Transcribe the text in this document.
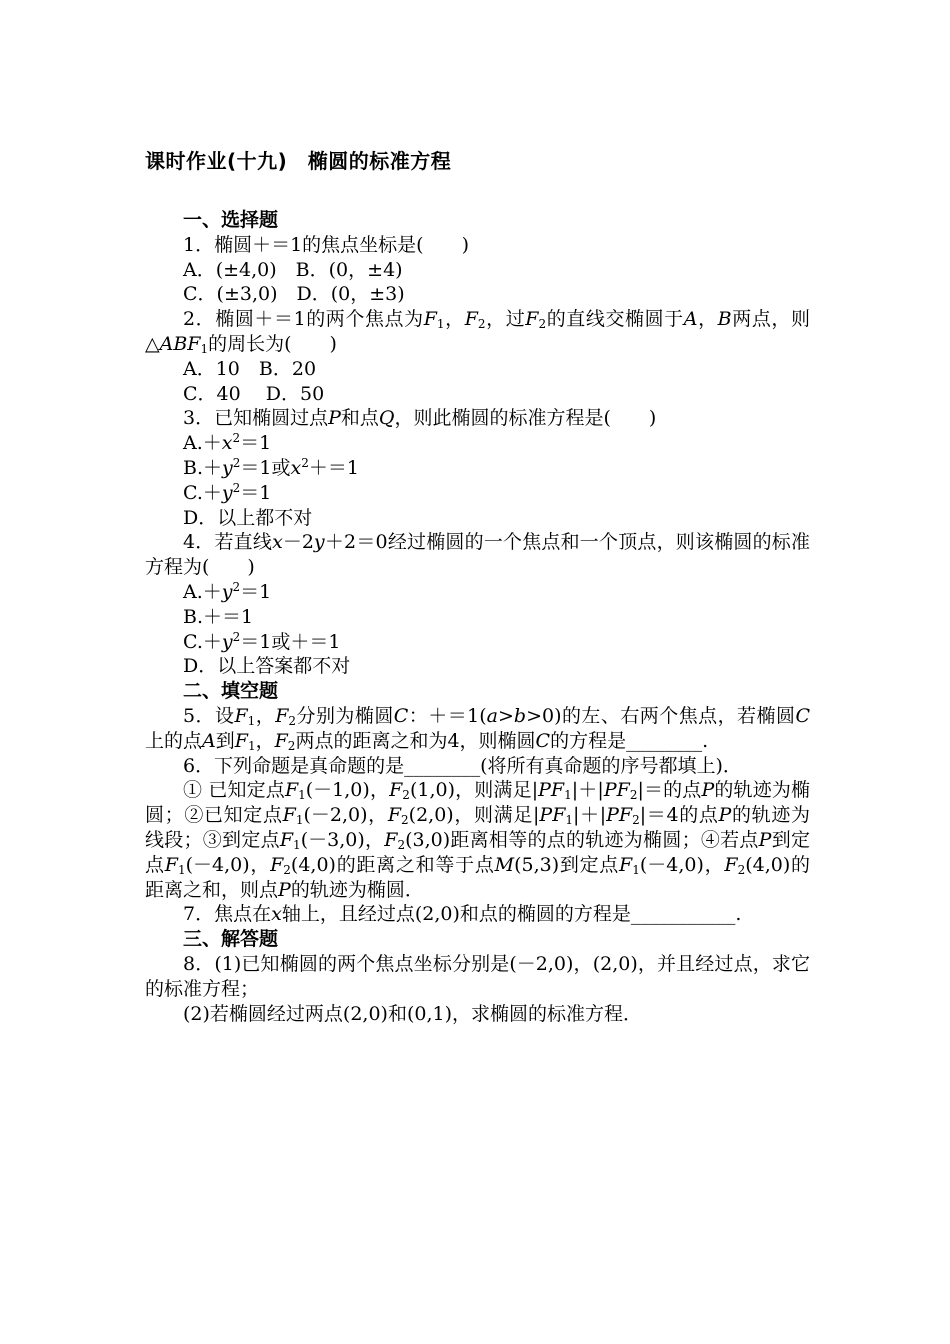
课时作业(十九)　椭圆的标准方程

一、选择题

1．椭圆＋＝1的焦点坐标是(　　)

A．(±4,0)　B．(0，±4)

C．(±3,0)　D．(0，±3)

2．椭圆＋＝1的两个焦点为$F_1$，$F_2$，过$F_2$的直线交椭圆于A，B两点，则$\triangle ABF_1$的周长为(　　)

A．10　B．20

C．40　 D．50

3．已知椭圆过点P和点Q，则此椭圆的标准方程是(　　)

$A.+x^2=1$

$B.+y^2=1$或$x^2+=1$

$C.+y^2=1$

D．以上都不对

4．若直线x－2y＋2＝0经过椭圆的一个焦点和一个顶点，则该椭圆的标准方程为(　　)

$A.+y^2=1$

B.＋＝1

$C.+y^2=1$或＋＝1

D．以上答案都不对

二、填空题

5．设$F_1$，$F_2$分别为椭圆C：＋＝1(a>b>0)的左、右两个焦点，若椭圆C上的点A到$F_1$，$F_2$两点的距离之和为4，则椭圆C的方程是________.

6．下列命题是真命题的是________(将所有真命题的序号都填上)．

① 已知定点$F_1(-1,0)$，$F_2(1,0)$，则满足$|PF_1|+|PF_2|=$的点P的轨迹为椭圆；②已知定点$F_1(-2,0)$，$F_2(2,0)$，则满足$|PF_1|+|PF_2|=4$的点P的轨迹为线段；③到定点$F_1(-3,0)$，$F_2(3,0)$距离相等的点的轨迹为椭圆；④若点P到定点$F_1(-4,0)$，$F_2(4,0)$的距离之和等于点M(5,3)到定点$F_1(-4,0)$，$F_2(4,0)$的距离之和，则点P的轨迹为椭圆．

7．焦点在x轴上，且经过点(2,0)和点的椭圆的方程是___________.

三、解答题

8．(1)已知椭圆的两个焦点坐标分别是(－2,0)，(2,0)，并且经过点，求它的标准方程；

(2)若椭圆经过两点(2,0)和(0,1)，求椭圆的标准方程．
